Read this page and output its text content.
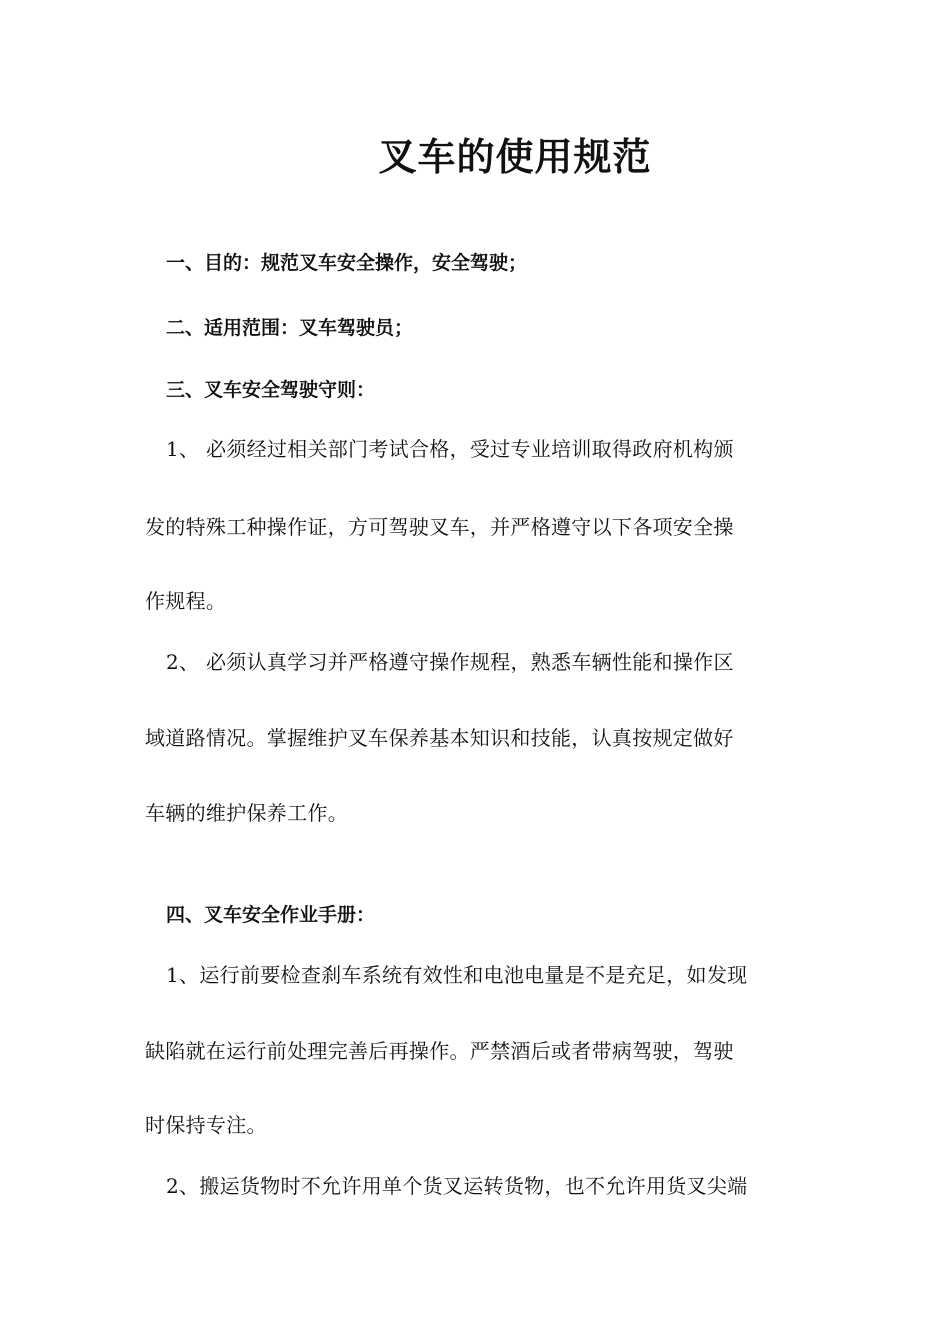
叉车的使用规范
一、目的：规范叉车安全操作，安全驾驶；
二、适用范围：叉车驾驶员；
三、叉车安全驾驶守则：
1、 必须经过相关部门考试合格，受过专业培训取得政府机构颁
发的特殊工种操作证，方可驾驶叉车，并严格遵守以下各项安全操
作规程。
2、 必须认真学习并严格遵守操作规程，熟悉车辆性能和操作区
域道路情况。掌握维护叉车保养基本知识和技能，认真按规定做好
车辆的维护保养工作。
四、叉车安全作业手册：
1、运行前要检查刹车系统有效性和电池电量是不是充足，如发现
缺陷就在运行前处理完善后再操作。严禁酒后或者带病驾驶，驾驶
时保持专注。
2、搬运货物时不允许用单个货叉运转货物，也不允许用货叉尖端
